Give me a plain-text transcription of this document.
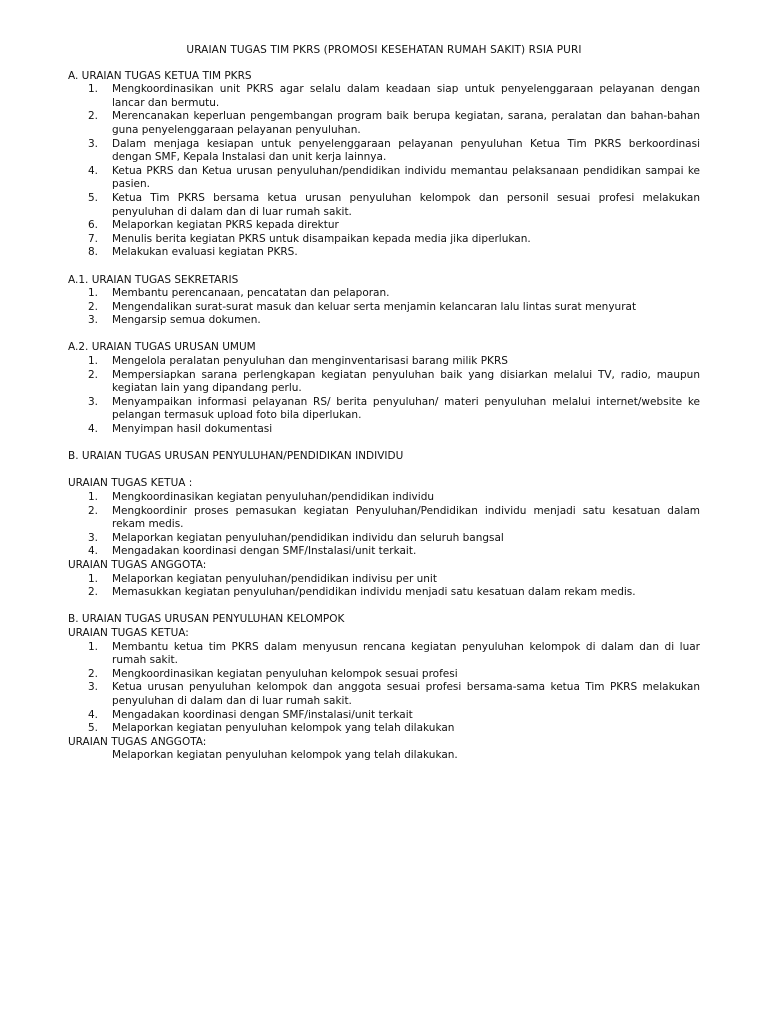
URAIAN TUGAS TIM PKRS (PROMOSI KESEHATAN RUMAH SAKIT) RSIA PURI
A. URAIAN TUGAS KETUA TIM PKRS
1. Mengkoordinasikan unit PKRS agar selalu dalam keadaan siap untuk penyelenggaraan pelayanan dengan lancar dan bermutu.
2. Merencanakan keperluan pengembangan program baik berupa kegiatan, sarana, peralatan dan bahan-bahan guna penyelenggaraan pelayanan penyuluhan.
3. Dalam menjaga kesiapan untuk penyelenggaraan pelayanan penyuluhan Ketua Tim PKRS berkoordinasi dengan SMF, Kepala Instalasi dan unit kerja lainnya.
4. Ketua PKRS dan Ketua urusan penyuluhan/pendidikan individu memantau pelaksanaan pendidikan sampai ke pasien.
5. Ketua Tim PKRS bersama ketua urusan penyuluhan kelompok dan personil sesuai profesi melakukan penyuluhan di dalam dan di luar rumah sakit.
6. Melaporkan kegiatan PKRS kepada direktur
7. Menulis berita kegiatan PKRS untuk disampaikan kepada media jika diperlukan.
8. Melakukan evaluasi kegiatan PKRS.
A.1. URAIAN TUGAS SEKRETARIS
1. Membantu perencanaan, pencatatan dan pelaporan.
2. Mengendalikan surat-surat masuk dan keluar serta menjamin kelancaran lalu lintas surat menyurat
3. Mengarsip semua dokumen.
A.2. URAIAN TUGAS URUSAN UMUM
1. Mengelola peralatan penyuluhan dan menginventarisasi barang milik PKRS
2. Mempersiapkan sarana perlengkapan kegiatan penyuluhan baik yang disiarkan melalui TV, radio, maupun kegiatan lain yang dipandang perlu.
3. Menyampaikan informasi pelayanan RS/ berita penyuluhan/ materi penyuluhan melalui internet/website ke pelangan termasuk upload foto bila diperlukan.
4. Menyimpan hasil dokumentasi
B. URAIAN TUGAS URUSAN PENYULUHAN/PENDIDIKAN INDIVIDU
URAIAN TUGAS KETUA :
1. Mengkoordinasikan kegiatan penyuluhan/pendidikan individu
2. Mengkoordinir proses pemasukan kegiatan Penyuluhan/Pendidikan individu menjadi satu kesatuan dalam rekam medis.
3. Melaporkan kegiatan penyuluhan/pendidikan individu dan seluruh bangsal
4. Mengadakan koordinasi dengan SMF/Instalasi/unit terkait.
URAIAN TUGAS ANGGOTA:
1. Melaporkan kegiatan penyuluhan/pendidikan indivisu per unit
2. Memasukkan kegiatan penyuluhan/pendidikan individu menjadi satu kesatuan dalam rekam medis.
B. URAIAN TUGAS URUSAN PENYULUHAN KELOMPOK
URAIAN TUGAS KETUA:
1. Membantu ketua tim PKRS dalam menyusun rencana kegiatan penyuluhan kelompok di dalam dan di luar rumah sakit.
2. Mengkoordinasikan kegiatan penyuluhan kelompok sesuai profesi
3. Ketua urusan penyuluhan kelompok dan anggota sesuai profesi bersama-sama ketua Tim PKRS melakukan penyuluhan di dalam dan di luar rumah sakit.
4. Mengadakan koordinasi dengan SMF/instalasi/unit terkait
5. Melaporkan kegiatan penyuluhan kelompok yang telah dilakukan
URAIAN TUGAS ANGGOTA:
Melaporkan kegiatan penyuluhan kelompok yang telah dilakukan.
